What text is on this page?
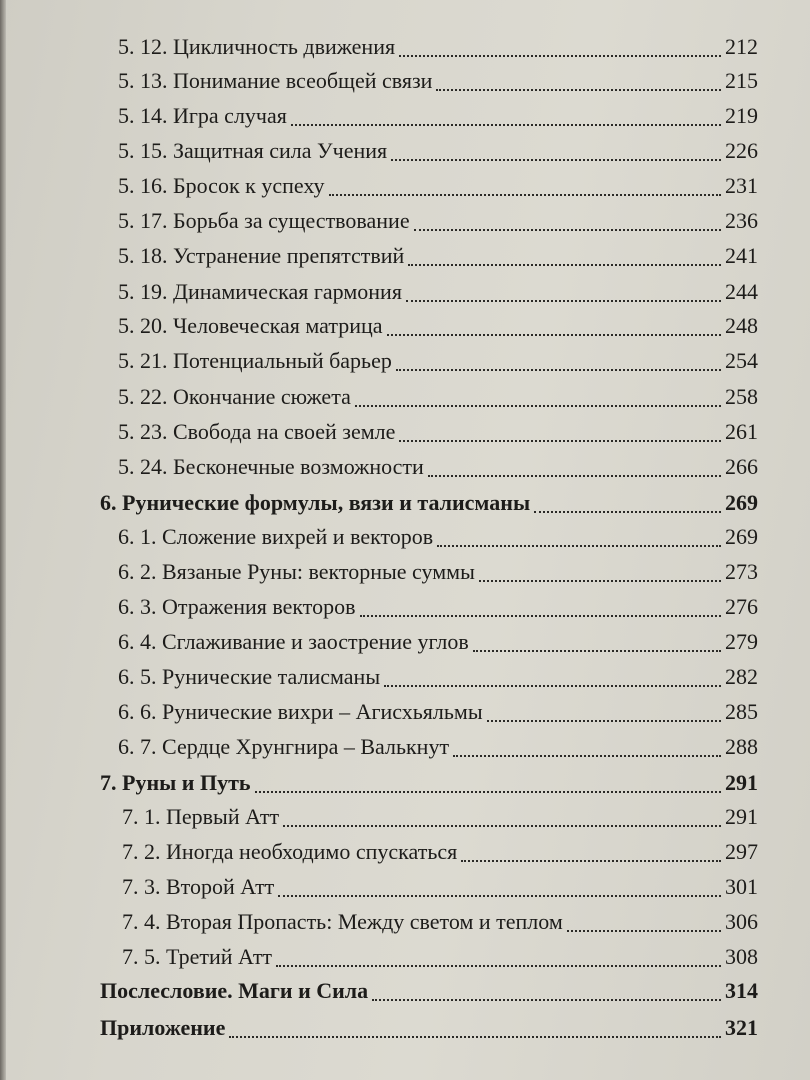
5. 12. Цикличность движения	212
5. 13. Понимание всеобщей связи	215
5. 14. Игра случая	219
5. 15. Защитная сила Учения	226
5. 16. Бросок к успеху	231
5. 17. Борьба за существование	236
5. 18. Устранение препятствий	241
5. 19. Динамическая гармония	244
5. 20. Человеческая матрица	248
5. 21. Потенциальный барьер	254
5. 22. Окончание сюжета	258
5. 23. Свобода на своей земле	261
5. 24. Бесконечные возможности	266
6. Рунические формулы, вязи и талисманы	269
6. 1. Сложение вихрей и векторов	269
6. 2. Вязаные Руны: векторные суммы	273
6. 3. Отражения векторов	276
6. 4. Сглаживание и заострение углов	279
6. 5. Рунические талисманы	282
6. 6. Рунические вихри – Агисхьяльмы	285
6. 7. Сердце Хрунгнира – Валькнут	288
7. Руны и Путь	291
7. 1. Первый Атт	291
7. 2. Иногда необходимо спускаться	297
7. 3. Второй Атт	301
7. 4. Вторая Пропасть: Между светом и теплом	306
7. 5. Третий Атт	308
Послесловие. Маги и Сила	314
Приложение	321
